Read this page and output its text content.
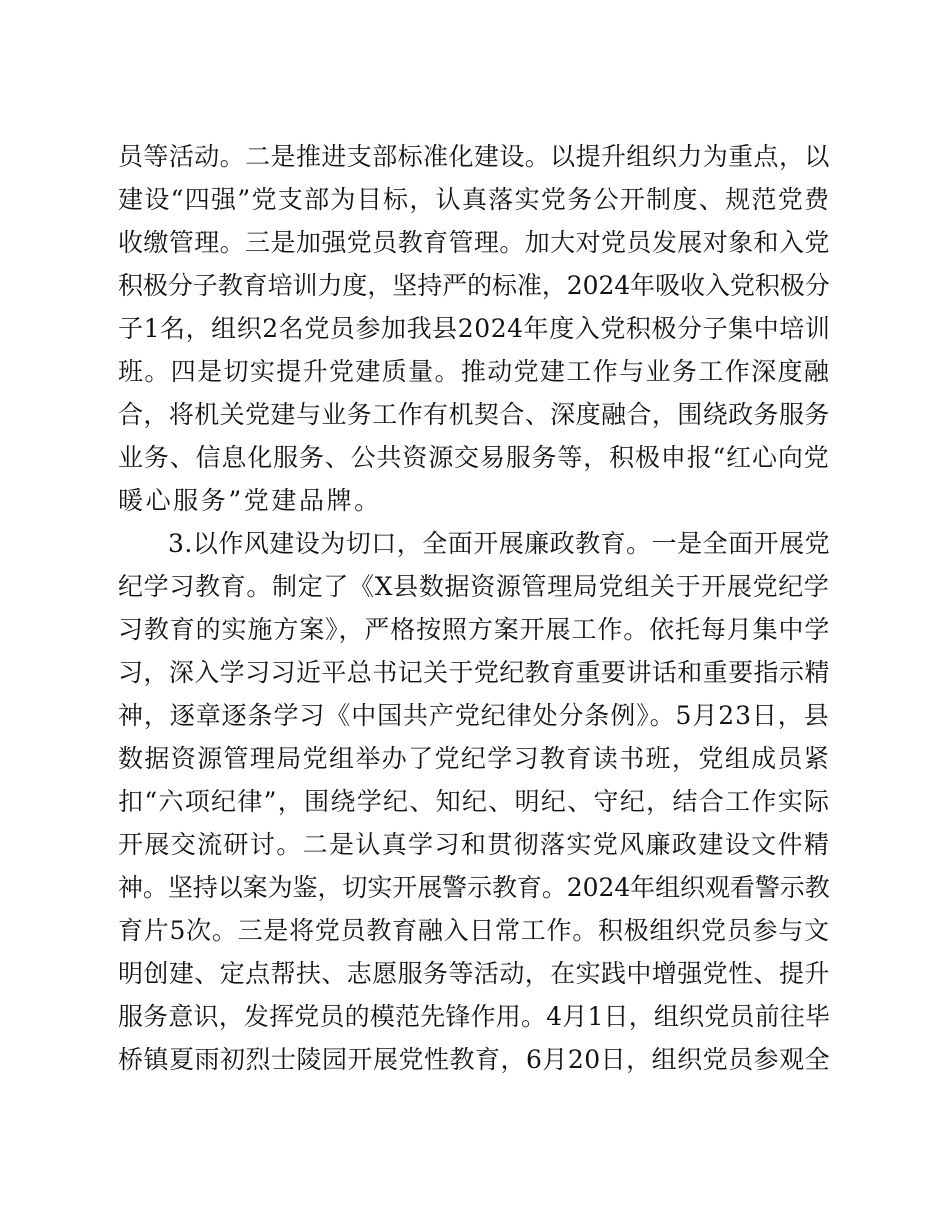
员等活动。二是推进支部标准化建设。以提升组织力为重点，以
建设“四强”党支部为目标，认真落实党务公开制度、规范党费
收缴管理。三是加强党员教育管理。加大对党员发展对象和入党
积极分子教育培训力度，坚持严的标准，2024年吸收入党积极分
子1名，组织2名党员参加我县2024年度入党积极分子集中培训
班。四是切实提升党建质量。推动党建工作与业务工作深度融
合，将机关党建与业务工作有机契合、深度融合，围绕政务服务
业务、信息化服务、公共资源交易服务等，积极申报“红心向党
暖心服务”党建品牌。
3.以作风建设为切口，全面开展廉政教育。一是全面开展党
纪学习教育。制定了《X县数据资源管理局党组关于开展党纪学
习教育的实施方案》，严格按照方案开展工作。依托每月集中学
习，深入学习习近平总书记关于党纪教育重要讲话和重要指示精
神，逐章逐条学习《中国共产党纪律处分条例》。5月23日，县
数据资源管理局党组举办了党纪学习教育读书班，党组成员紧
扣“六项纪律”，围绕学纪、知纪、明纪、守纪，结合工作实际
开展交流研讨。二是认真学习和贯彻落实党风廉政建设文件精
神。坚持以案为鉴，切实开展警示教育。2024年组织观看警示教
育片5次。三是将党员教育融入日常工作。积极组织党员参与文
明创建、定点帮扶、志愿服务等活动，在实践中增强党性、提升
服务意识，发挥党员的模范先锋作用。4月1日，组织党员前往毕
桥镇夏雨初烈士陵园开展党性教育，6月20日，组织党员参观全
